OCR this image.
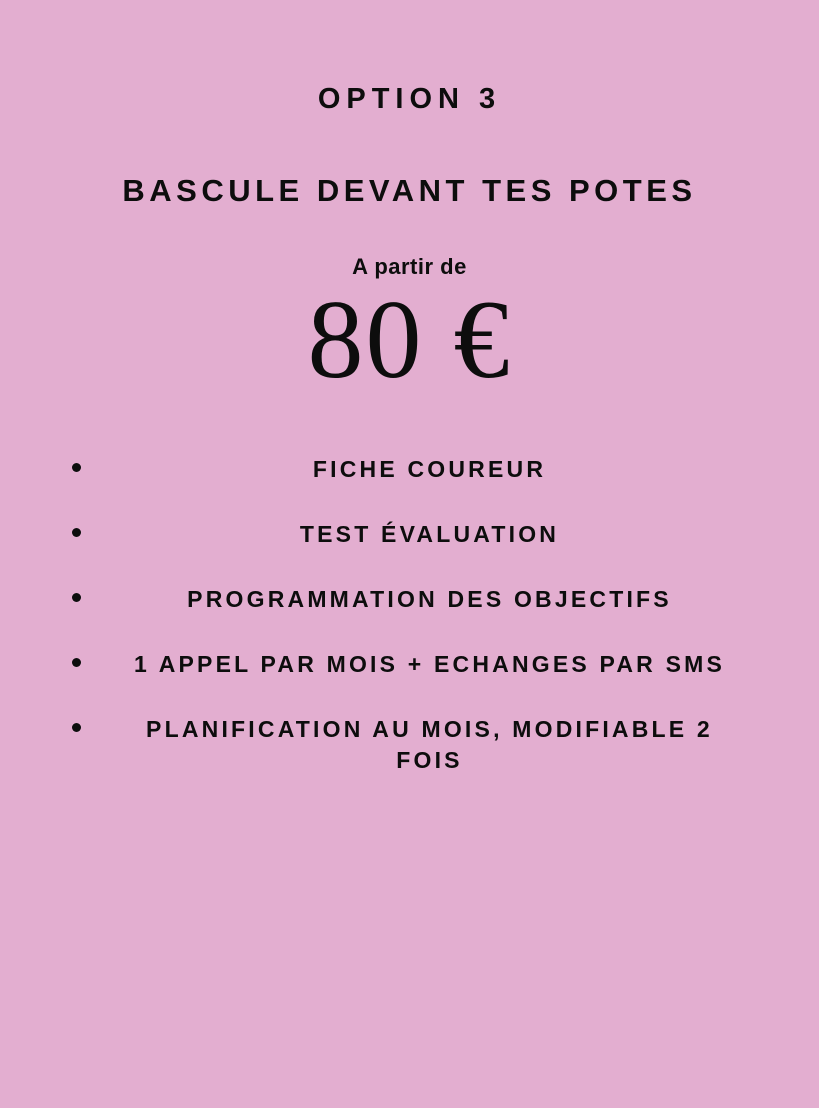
OPTION 3
BASCULE DEVANT TES POTES
A partir de
80 €
FICHE COUREUR
TEST ÉVALUATION
PROGRAMMATION DES OBJECTIFS
1 APPEL PAR MOIS + ECHANGES PAR SMS
PLANIFICATION AU MOIS, MODIFIABLE 2 FOIS
